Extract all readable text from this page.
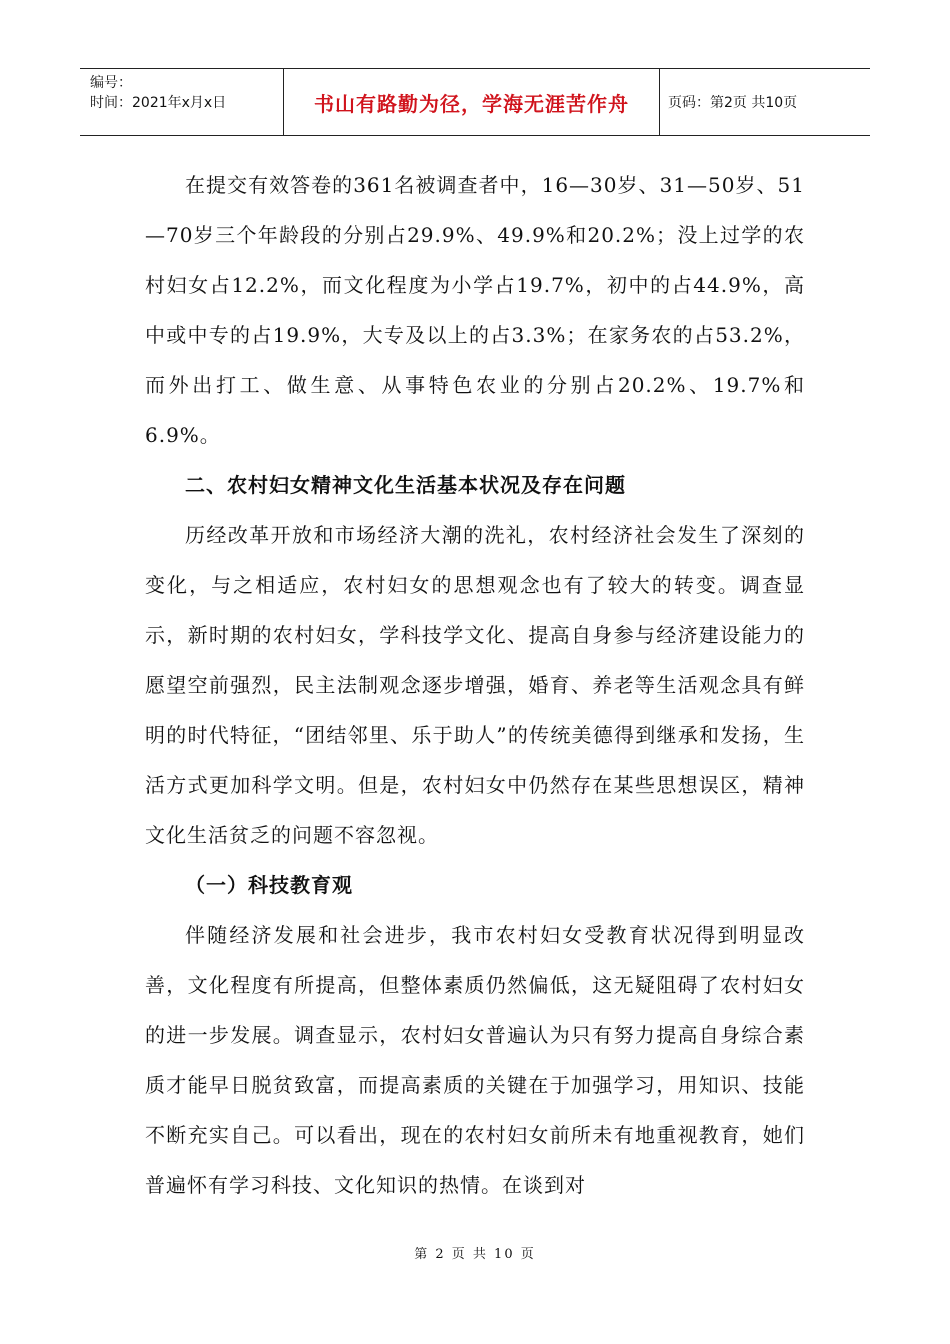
编号：
时间：2021年x月x日	书山有路勤为径，学海无涯苦作舟	页码：第2页 共10页

在提交有效答卷的361名被调查者中，16—30岁、31—50岁、51—70岁三个年龄段的分别占29.9%、49.9%和20.2%；没上过学的农村妇女占12.2%，而文化程度为小学占19.7%，初中的占44.9%，高中或中专的占19.9%，大专及以上的占3.3%；在家务农的占53.2%，而外出打工、做生意、从事特色农业的分别占20.2%、19.7%和6.9%。

二、农村妇女精神文化生活基本状况及存在问题

历经改革开放和市场经济大潮的洗礼，农村经济社会发生了深刻的变化，与之相适应，农村妇女的思想观念也有了较大的转变。调查显示，新时期的农村妇女，学科技学文化、提高自身参与经济建设能力的愿望空前强烈，民主法制观念逐步增强，婚育、养老等生活观念具有鲜明的时代特征，“团结邻里、乐于助人”的传统美德得到继承和发扬，生活方式更加科学文明。但是，农村妇女中仍然存在某些思想误区，精神文化生活贫乏的问题不容忽视。

（一）科技教育观

伴随经济发展和社会进步，我市农村妇女受教育状况得到明显改善，文化程度有所提高，但整体素质仍然偏低，这无疑阻碍了农村妇女的进一步发展。调查显示，农村妇女普遍认为只有努力提高自身综合素质才能早日脱贫致富，而提高素质的关键在于加强学习，用知识、技能不断充实自己。可以看出，现在的农村妇女前所未有地重视教育，她们普遍怀有学习科技、文化知识的热情。在谈到对

第 2 页 共 10 页
